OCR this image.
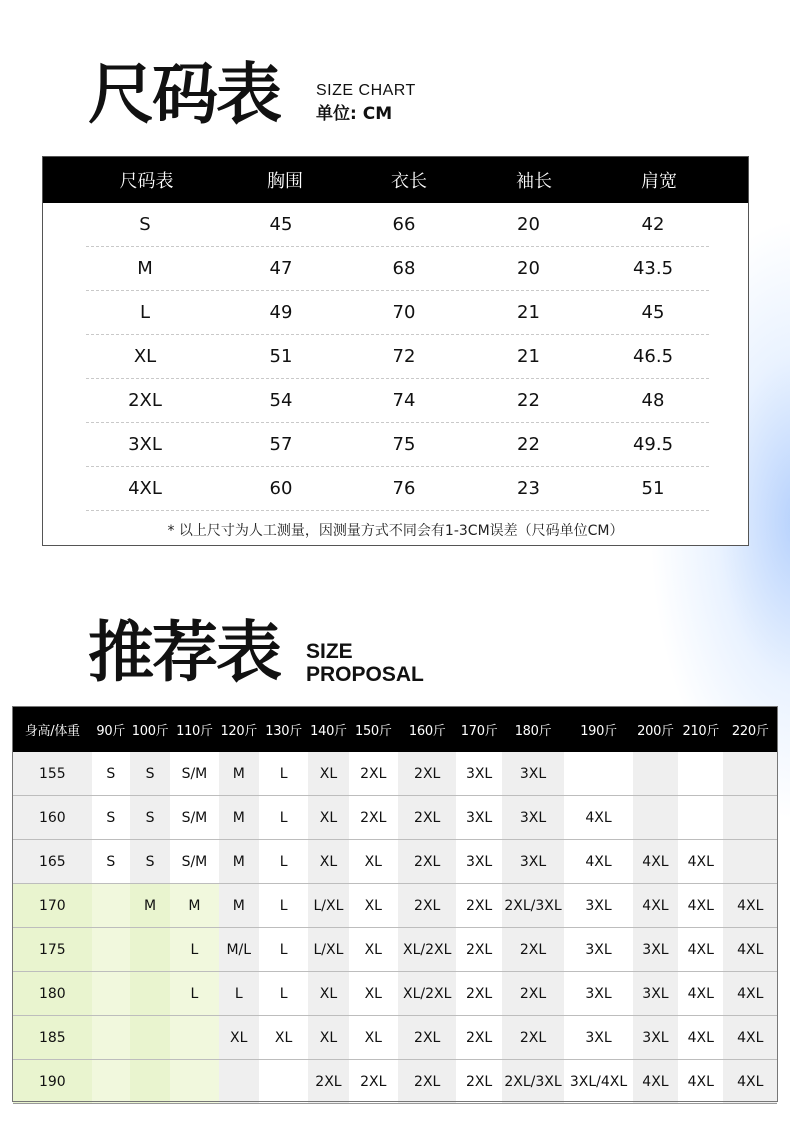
尺码表 SIZE CHART
单位: CM
尺码表	胸围	衣长	袖长	肩宽
S	45	66	20	42
M	47	68	20	43.5
L	49	70	21	45
XL	51	72	21	46.5
2XL	54	74	22	48
3XL	57	75	22	49.5
4XL	60	76	23	51
* 以上尺寸为人工测量，因测量方式不同会有1-3CM误差（尺码单位CM）
推荐表 SIZE
PROPOSAL
身高/体重	90斤	100斤	110斤	120斤	130斤	140斤	150斤	160斤	170斤	180斤	190斤	200斤	210斤	220斤
155	S	S	S/M	M	L	XL	2XL	2XL	3XL	3XL				
160	S	S	S/M	M	L	XL	2XL	2XL	3XL	3XL	4XL			
165	S	S	S/M	M	L	XL	XL	2XL	3XL	3XL	4XL	4XL	4XL	
170		M	M	M	L	L/XL	XL	2XL	2XL	2XL/3XL	3XL	4XL	4XL	4XL
175			L	M/L	L	L/XL	XL	XL/2XL	2XL	2XL	3XL	3XL	4XL	4XL
180			L	L	L	XL	XL	XL/2XL	2XL	2XL	3XL	3XL	4XL	4XL
185				XL	XL	XL	XL	2XL	2XL	2XL	3XL	3XL	4XL	4XL
190						2XL	2XL	2XL	2XL	2XL/3XL	3XL/4XL	4XL	4XL	4XL
